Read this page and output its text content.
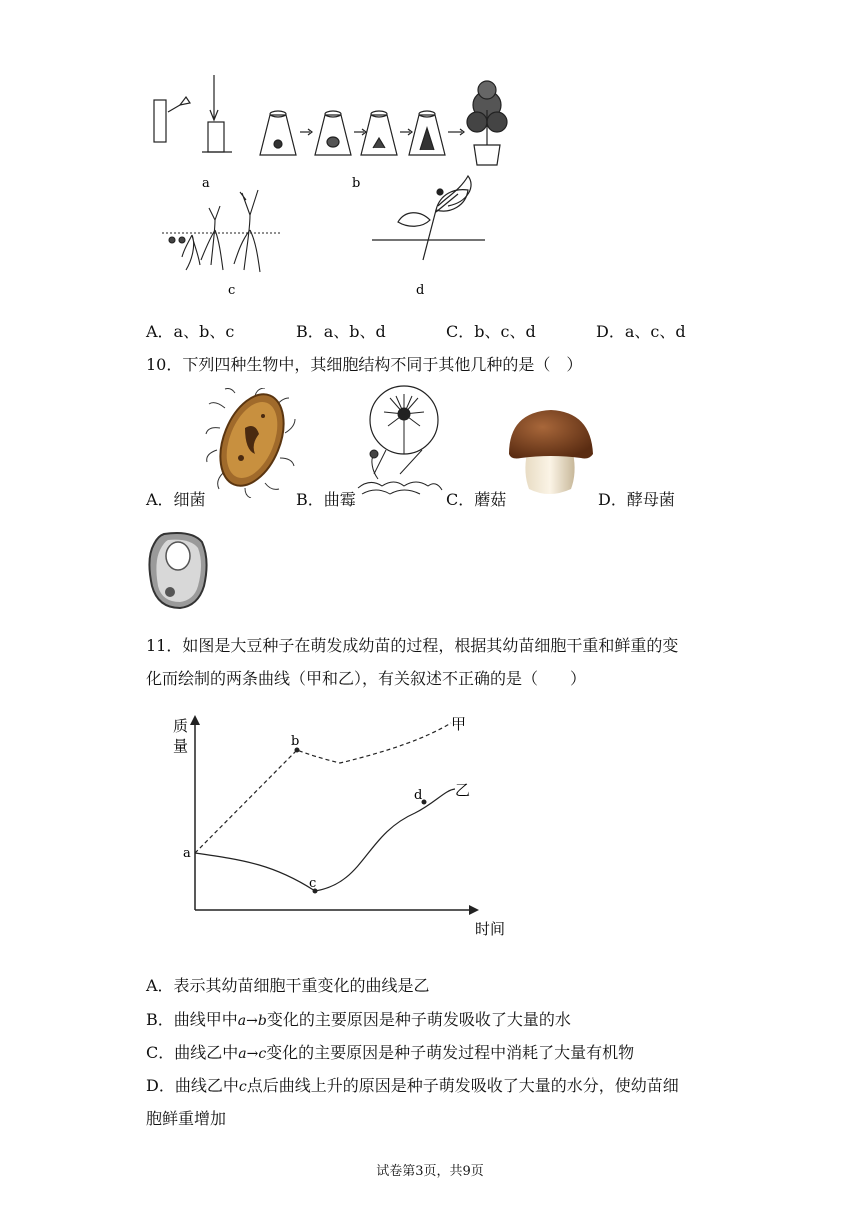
a	b
c	d
A．a、b、c	B．a、b、d	C．b、c、d	D．a、c、d
10．下列四种生物中，其细胞结构不同于其他几种的是（　）
A．细菌	B．曲霉	C．蘑菇	D．酵母菌
11．如图是大豆种子在萌发成幼苗的过程，根据其幼苗细胞干重和鲜重的变
化而绘制的两条曲线（甲和乙），有关叙述不正确的是（　　）
质
量
时间
甲
乙
a
b
c
d
A．表示其幼苗细胞干重变化的曲线是乙
B．曲线甲中a→b变化的主要原因是种子萌发吸收了大量的水
C．曲线乙中a→c变化的主要原因是种子萌发过程中消耗了大量有机物
D．曲线乙中c点后曲线上升的原因是种子萌发吸收了大量的水分，使幼苗细
胞鲜重增加
试卷第3页，共9页
